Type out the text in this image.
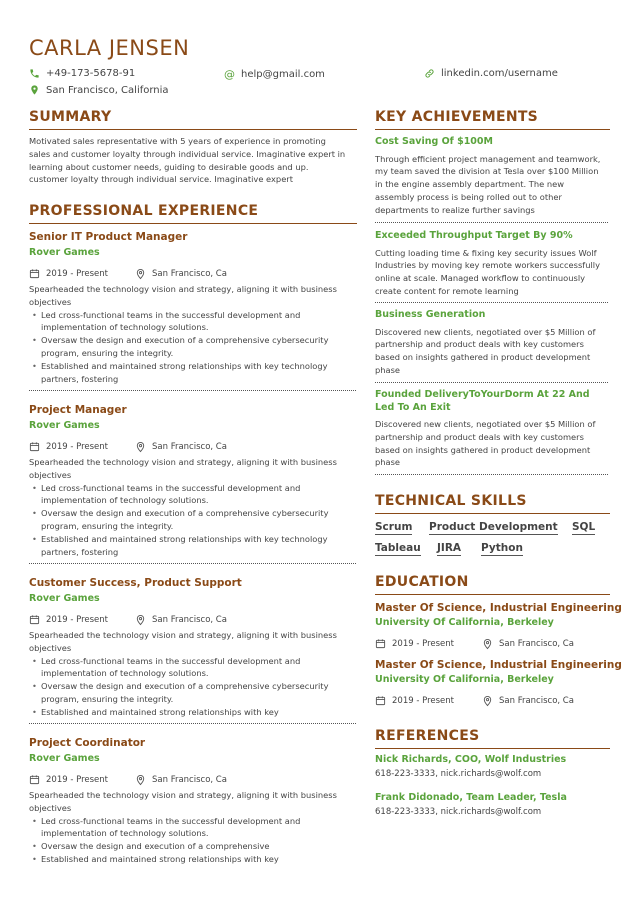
CARLA JENSEN
+49-173-5678-91	@ help@gmail.com	linkedin.com/username
San Francisco, California
SUMMARY

Motivated sales representative with 5 years of experience in promoting sales and customer loyalty through individual service. Imaginative expert in learning about customer needs, guiding to desirable goods and up. customer loyalty through individual service. Imaginative expert

PROFESSIONAL EXPERIENCE
Senior IT Product Manager
Rover Games
2019 - Present	San Francisco, Ca

Spearheaded the technology vision and strategy, aligning it with business objectives

• Led cross-functional teams in the successful development and implementation of technology solutions.
• Oversaw the design and execution of a comprehensive cybersecurity program, ensuring the integrity.
• Established and maintained strong relationships with key technology partners, fostering
Project Manager
Rover Games
2019 - Present	San Francisco, Ca

Spearheaded the technology vision and strategy, aligning it with business objectives

• Led cross-functional teams in the successful development and implementation of technology solutions.
• Oversaw the design and execution of a comprehensive cybersecurity program, ensuring the integrity.
• Established and maintained strong relationships with key technology partners, fostering
Customer Success, Product Support
Rover Games
2019 - Present	San Francisco, Ca

Spearheaded the technology vision and strategy, aligning it with business objectives

• Led cross-functional teams in the successful development and implementation of technology solutions.
• Oversaw the design and execution of a comprehensive cybersecurity program, ensuring the integrity.
• Established and maintained strong relationships with key
Project Coordinator
Rover Games
2019 - Present	San Francisco, Ca

Spearheaded the technology vision and strategy, aligning it with business objectives

• Led cross-functional teams in the successful development and implementation of technology solutions.
• Oversaw the design and execution of a comprehensive
• Established and maintained strong relationships with key
KEY ACHIEVEMENTS

Cost Saving Of $100M

Through efficient project management and teamwork, my team saved the division at Tesla over $100 Million in the engine assembly department. The new assembly process is being rolled out to other departments to realize further savings

Exceeded Throughput Target By 90%

Cutting loading time & fixing key security issues Wolf Industries by moving key remote workers successfully online at scale. Managed workflow to continuously create content for remote learning

Business Generation

Discovered new clients, negotiated over $5 Million of partnership and product deals with key customers based on insights gathered in product development phase

Founded DeliveryToYourDorm At 22 And Led To An Exit

Discovered new clients, negotiated over $5 Million of partnership and product deals with key customers based on insights gathered in product development phase

TECHNICAL SKILLS
Scrum Product Development SQL
Tableau JIRA Python
EDUCATION
Master Of Science, Industrial Engineering
University Of California, Berkeley
2019 - Present	San Francisco, Ca
Master Of Science, Industrial Engineering
University Of California, Berkeley
2019 - Present	San Francisco, Ca
REFERENCES
Nick Richards, COO, Wolf Industries
618-223-3333, nick.richards@wolf.com
Frank Didonado, Team Leader, Tesla
618-223-3333, nick.richards@wolf.com
